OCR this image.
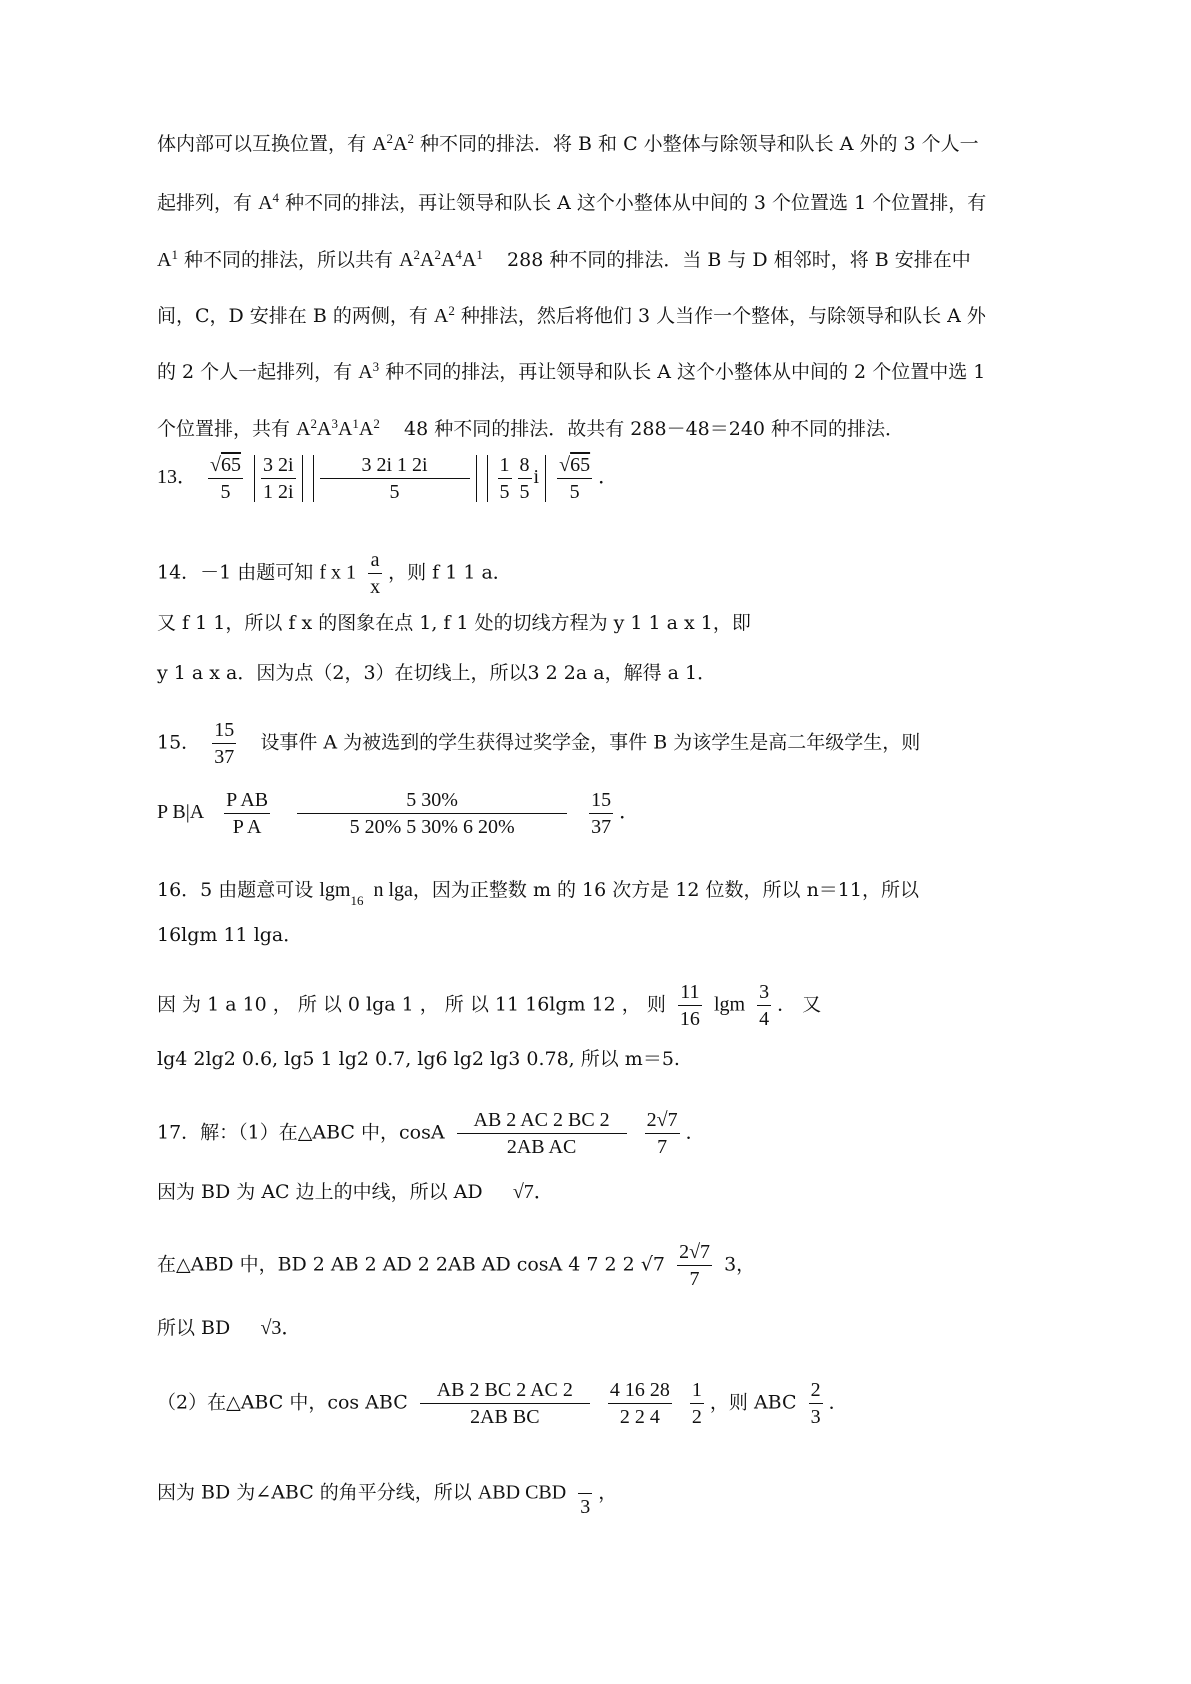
体内部可以互换位置，有 $A^2A^2$ 种不同的排法．将 B 和 C 小整体与除领导和队长 A 外的 3 个人一
起排列，有 $A^4$ 种不同的排法，再让领导和队长 A 这个小整体从中间的 3 个位置选 1 个位置排，有
$A^1$ 种不同的排法，所以共有 $A^2A^2A^4A^1$ 288 种不同的排法．当 B 与 D 相邻时，将 B 安排在中
间，C，D 安排在 B 的两侧，有 $A^2$ 种排法，然后将他们 3 人当作一个整体，与除领导和队长 A 外
的 2 个人一起排列，有 $A^3$ 种不同的排法，再让领导和队长 A 这个小整体从中间的 2 个位置中选 1
个位置排，共有 $A^2A^3A^1A^2$ 48 种不同的排法．故共有 288－48＝240 种不同的排法．
13． $\frac{√65}{5}$
$\frac{3 2i}{1 2i}$
$\frac{3 2i 1 2i}{5}$
$\frac{1}{5} \frac{8}{5}$ i $\frac{√65}{5}$ ．
14．－1 由题可知 f x $1 \frac{a}{x}$ ，则 f 1 1 a．
又 f 1 1，所以 f x 的图象在点 1, f 1 处的切线方程为 y 1 1 a x 1，即
y 1 a x a．因为点（2，3）在切线上，所以3 2 2a a，解得 a 1．
15． $\frac{15}{37}$ 设事件 A 为被选到的学生获得过奖学金，事件 B 为该学生是高二年级学生，则
P $B|A \frac{\text{P AB}}{\text{P A}}$
$\frac{5 30\%}{5 20\% 5 30\% 6 20\%}$
$\frac{15}{37}$ ．
16．5 由题意可设 lgm$_{16}$ n lga，因为正整数 m 的 16 次方是 12 位数，所以 n＝11，所以
16lgm 11 lga．
因 为 1 a 10 ， 所 以 0 lga 1 ， 所 以 11 16lgm 12 ， 则 $\frac{11}{16}$ lgm $\frac{3}{4}$ ． 又
lg4 2lg2 0.6, lg5 1 lg2 0.7, lg6 lg2 lg3 0.78, 所以 m＝5.
17．解：（1）在△ABC 中，cosA $\frac{AB 2 AC 2 BC 2}{\text{2AB AC}}$
$\frac{2√7}{7}$ ．
因为 BD 为 AC 边上的中线，所以 AD √7．
在△ABD 中，BD 2 AB 2 AD 2 2AB AD cosA 4 7 2 2 $√7 \frac{2√7}{7} 3$，
所以 BD √3．
（2）在△ABC 中，cos ABC $\frac{AB 2 BC 2 AC 2}{\text{2AB BC}}$
$\frac{4 16 28}{2 2 4}$
$\frac{1}{2}$ ，则 ABC $\frac{2}{3}$ ．
因为 BD 为∠ABC 的角平分线，所以 ABD CBD

3
，
